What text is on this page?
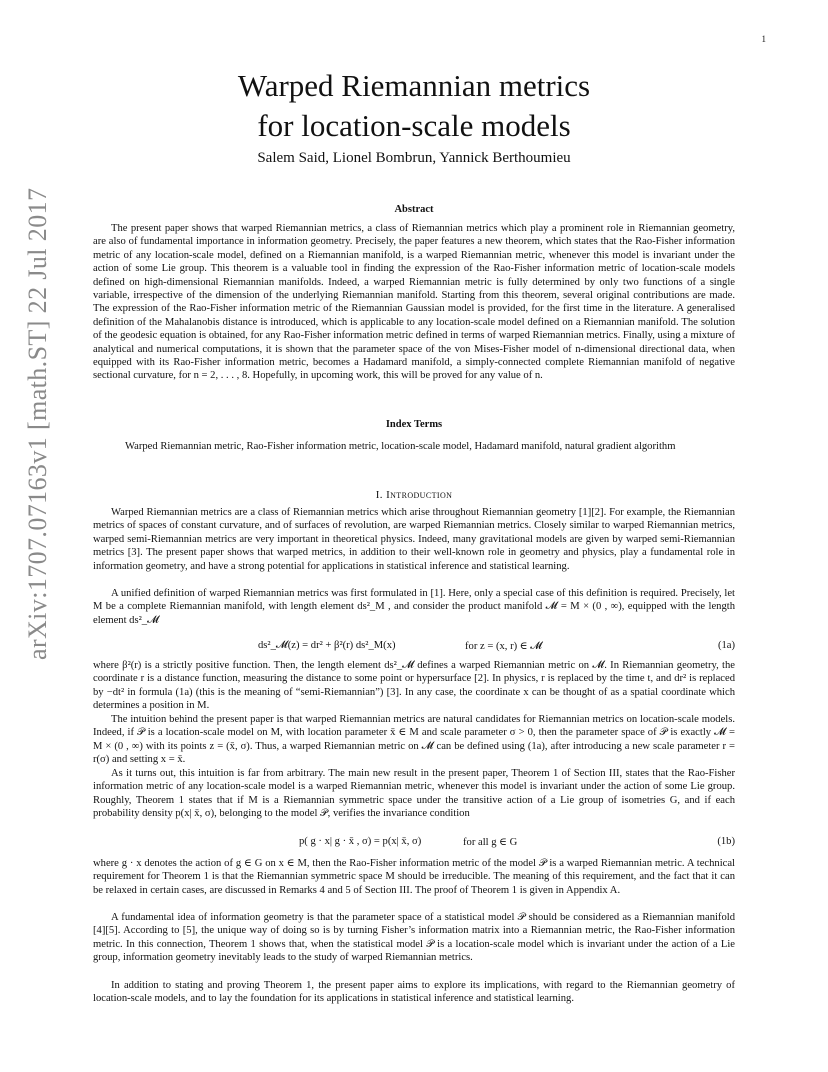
1
arXiv:1707.07163v1 [math.ST] 22 Jul 2017
Warped Riemannian metrics
for location-scale models
Salem Said, Lionel Bombrun, Yannick Berthoumieu
Abstract

The present paper shows that warped Riemannian metrics, a class of Riemannian metrics which play a prominent role in Riemannian geometry, are also of fundamental importance in information geometry. Precisely, the paper features a new theorem, which states that the Rao-Fisher information metric of any location-scale model, defined on a Riemannian manifold, is a warped Riemannian metric, whenever this model is invariant under the action of some Lie group. This theorem is a valuable tool in finding the expression of the Rao-Fisher information metric of location-scale models defined on high-dimensional Riemannian manifolds. Indeed, a warped Riemannian metric is fully determined by only two functions of a single variable, irrespective of the dimension of the underlying Riemannian manifold. Starting from this theorem, several original contributions are made. The expression of the Rao-Fisher information metric of the Riemannian Gaussian model is provided, for the first time in the literature. A generalised definition of the Mahalanobis distance is introduced, which is applicable to any location-scale model defined on a Riemannian manifold. The solution of the geodesic equation is obtained, for any Rao-Fisher information metric defined in terms of warped Riemannian metrics. Finally, using a mixture of analytical and numerical computations, it is shown that the parameter space of the von Mises-Fisher model of n-dimensional directional data, when equipped with its Rao-Fisher information metric, becomes a Hadamard manifold, a simply-connected complete Riemannian manifold of negative sectional curvature, for n = 2, . . . , 8. Hopefully, in upcoming work, this will be proved for any value of n.

Index Terms
Warped Riemannian metric, Rao-Fisher information metric, location-scale model, Hadamard manifold, natural gradient algorithm
I. Introduction

Warped Riemannian metrics are a class of Riemannian metrics which arise throughout Riemannian geometry [1][2]. For example, the Riemannian metrics of spaces of constant curvature, and of surfaces of revolution, are warped Riemannian metrics. Closely similar to warped Riemannian metrics, warped semi-Riemannian metrics are very important in theoretical physics. Indeed, many gravitational models are given by warped semi-Riemannian metrics [3]. The present paper shows that warped metrics, in addition to their well-known role in geometry and physics, play a fundamental role in information geometry, and have a strong potential for applications in statistical inference and statistical learning.

A unified definition of warped Riemannian metrics was first formulated in [1]. Here, only a special case of this definition is required. Precisely, let M be a complete Riemannian manifold, with length element ds²_M , and consider the product manifold 𝓜 = M × (0 , ∞), equipped with the length element ds²_𝓜

ds²_𝓜(z) = dr² + β²(r) ds²_M(x)	for z = (x, r) ∈ 𝓜	(1a)

where β²(r) is a strictly positive function. Then, the length element ds²_𝓜 defines a warped Riemannian metric on 𝓜. In Riemannian geometry, the coordinate r is a distance function, measuring the distance to some point or hypersurface [2]. In physics, r is replaced by the time t, and dr² is replaced by −dt² in formula (1a) (this is the meaning of “semi-Riemannian”) [3]. In any case, the coordinate x can be thought of as a spatial coordinate which determines a position in M.

The intuition behind the present paper is that warped Riemannian metrics are natural candidates for Riemannian metrics on location-scale models. Indeed, if 𝒫 is a location-scale model on M, with location parameter x̄ ∈ M and scale parameter σ > 0, then the parameter space of 𝒫 is exactly 𝓜 = M × (0 , ∞) with its points z = (x̄, σ). Thus, a warped Riemannian metric on 𝓜 can be defined using (1a), after introducing a new scale parameter r = r(σ) and setting x = x̄.

As it turns out, this intuition is far from arbitrary. The main new result in the present paper, Theorem 1 of Section III, states that the Rao-Fisher information metric of any location-scale model is a warped Riemannian metric, whenever this model is invariant under the action of some Lie group. Roughly, Theorem 1 states that if M is a Riemannian symmetric space under the transitive action of a Lie group of isometries G, and if each probability density p(x| x̄, σ), belonging to the model 𝒫, verifies the invariance condition

p( g · x| g · x̄ , σ) = p(x| x̄, σ)	for all g ∈ G	(1b)

where g · x denotes the action of g ∈ G on x ∈ M, then the Rao-Fisher information metric of the model 𝒫 is a warped Riemannian metric. A technical requirement for Theorem 1 is that the Riemannian symmetric space M should be irreducible. The meaning of this requirement, and the fact that it can be relaxed in certain cases, are discussed in Remarks 4 and 5 of Section III. The proof of Theorem 1 is given in Appendix A.

A fundamental idea of information geometry is that the parameter space of a statistical model 𝒫 should be considered as a Riemannian manifold [4][5]. According to [5], the unique way of doing so is by turning Fisher’s information matrix into a Riemannian metric, the Rao-Fisher information metric. In this connection, Theorem 1 shows that, when the statistical model 𝒫 is a location-scale model which is invariant under the action of a Lie group, information geometry inevitably leads to the study of warped Riemannian metrics.

In addition to stating and proving Theorem 1, the present paper aims to explore its implications, with regard to the Riemannian geometry of location-scale models, and to lay the foundation for its applications in statistical inference and statistical learning.
